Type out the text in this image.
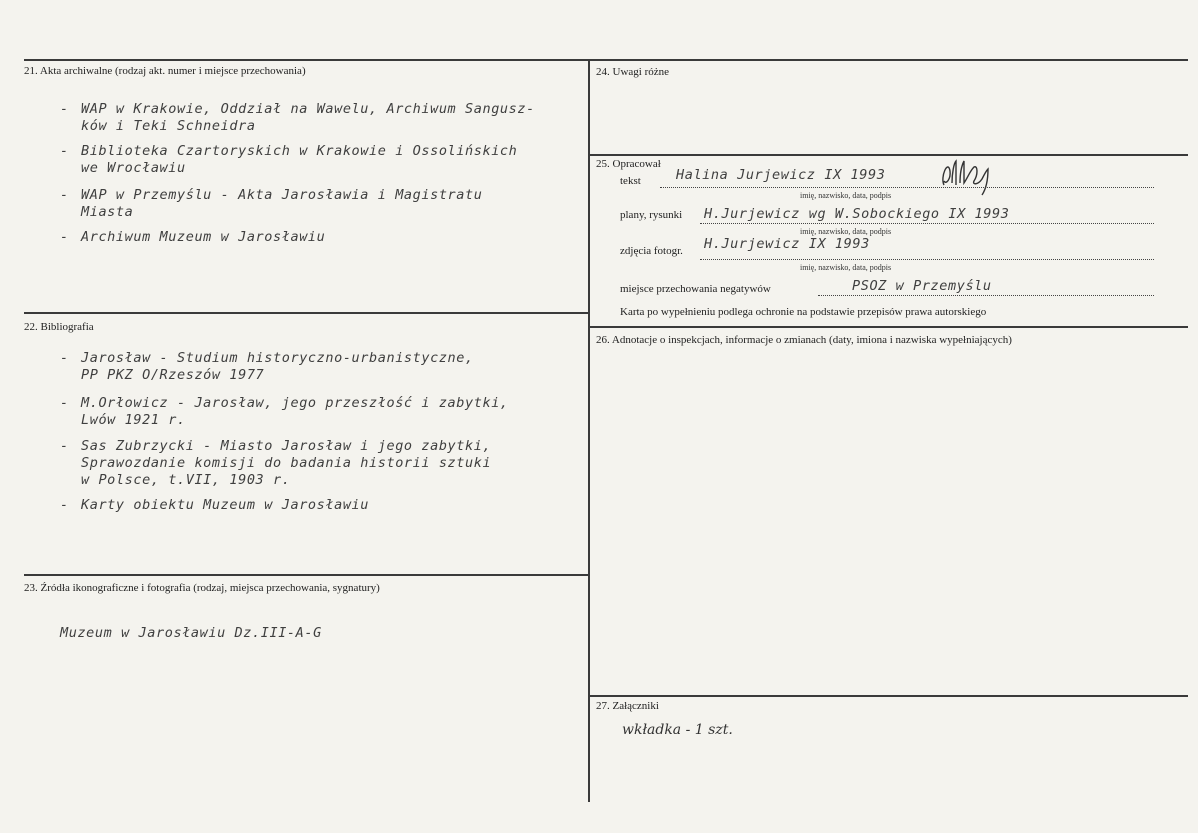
21. Akta archiwalne (rodzaj akt. numer i miejsce przechowania)
- WAP w Krakowie, Oddział na Wawelu, Archiwum Sangusz-
ków i Teki Schneidra
- Biblioteka Czartoryskich w Krakowie i Ossolińskich
we Wrocławiu
- WAP w Przemyślu - Akta Jarosławia i Magistratu
Miasta
- Archiwum Muzeum w Jarosławiu
22. Bibliografia
- Jarosław - Studium historyczno-urbanistyczne,
PP PKZ O/Rzeszów 1977
- M.Orłowicz - Jarosław, jego przeszłość i zabytki,
Lwów 1921 r.
- Sas Zubrzycki - Miasto Jarosław i jego zabytki,
Sprawozdanie komisji do badania historii sztuki
w Polsce, t.VII, 1903 r.
- Karty obiektu Muzeum w Jarosławiu
23. Źródła ikonograficzne i fotografia (rodzaj, miejsca przechowania, sygnatury)
Muzeum w Jarosławiu Dz.III-A-G
24. Uwagi różne
25. Opracował
tekst	Halina Jurjewicz IX 1993
imię, nazwisko, data, podpis
plany, rysunki H.Jurjewicz wg W.Sobockiego IX 1993
imię, nazwisko, data, podpis
zdjęcia fotogr. H.Jurjewicz IX 1993
imię, nazwisko, data, podpis
miejsce przechowania negatywów	PSOZ w Przemyślu
Karta po wypełnieniu podlega ochronie na podstawie przepisów prawa autorskiego
26. Adnotacje o inspekcjach, informacje o zmianach (daty, imiona i nazwiska wypełniających)
27. Załączniki
wkładka - 1 szt.
